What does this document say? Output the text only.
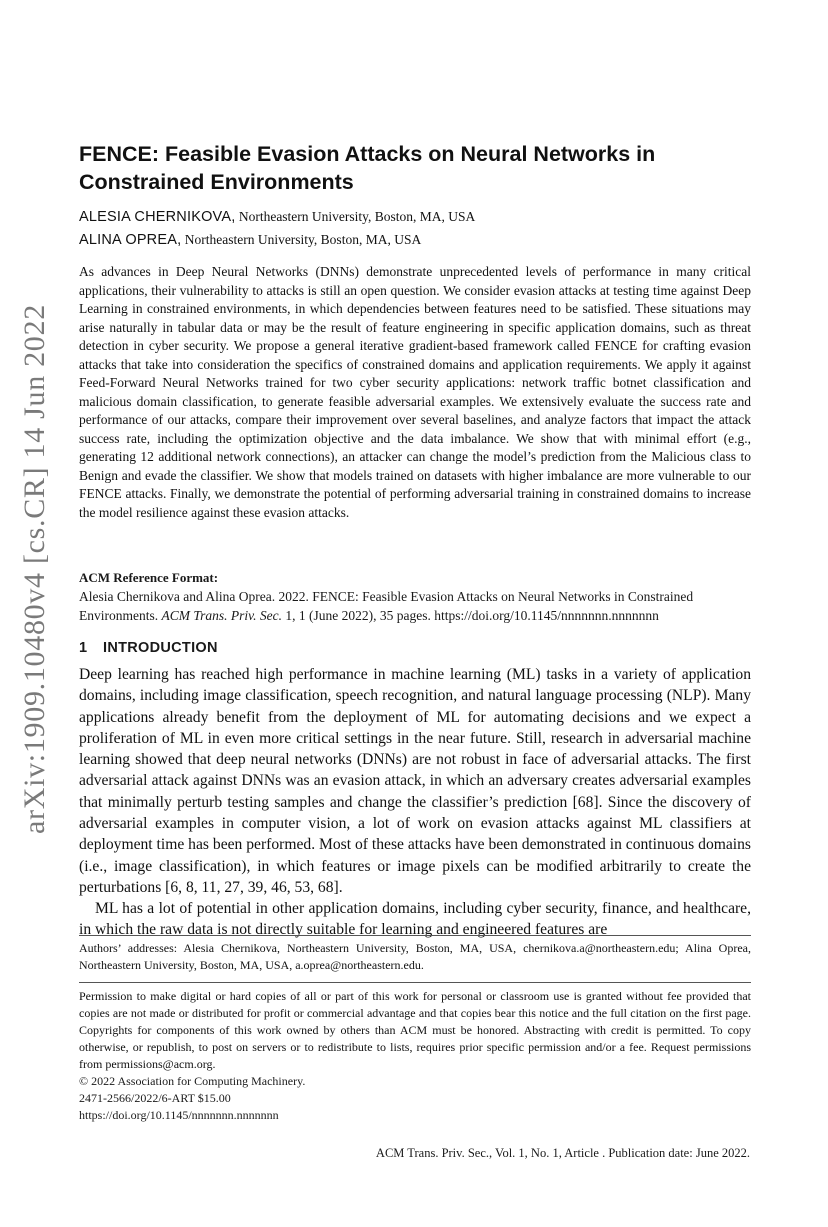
arXiv:1909.10480v4 [cs.CR] 14 Jun 2022
FENCE: Feasible Evasion Attacks on Neural Networks in Constrained Environments
ALESIA CHERNIKOVA, Northeastern University, Boston, MA, USA
ALINA OPREA, Northeastern University, Boston, MA, USA

As advances in Deep Neural Networks (DNNs) demonstrate unprecedented levels of performance in many critical applications, their vulnerability to attacks is still an open question. We consider evasion attacks at testing time against Deep Learning in constrained environments, in which dependencies between features need to be satisfied. These situations may arise naturally in tabular data or may be the result of feature engineering in specific application domains, such as threat detection in cyber security. We propose a general iterative gradient-based framework called FENCE for crafting evasion attacks that take into consideration the specifics of constrained domains and application requirements. We apply it against Feed-Forward Neural Networks trained for two cyber security applications: network traffic botnet classification and malicious domain classification, to generate feasible adversarial examples. We extensively evaluate the success rate and performance of our attacks, compare their improvement over several baselines, and analyze factors that impact the attack success rate, including the optimization objective and the data imbalance. We show that with minimal effort (e.g., generating 12 additional network connections), an attacker can change the model’s prediction from the Malicious class to Benign and evade the classifier. We show that models trained on datasets with higher imbalance are more vulnerable to our FENCE attacks. Finally, we demonstrate the potential of performing adversarial training in constrained domains to increase the model resilience against these evasion attacks.

ACM Reference Format:

Alesia Chernikova and Alina Oprea. 2022. FENCE: Feasible Evasion Attacks on Neural Networks in Constrained Environments. ACM Trans. Priv. Sec. 1, 1 (June 2022), 35 pages. https://doi.org/10.1145/nnnnnnn.nnnnnnn

1 INTRODUCTION

Deep learning has reached high performance in machine learning (ML) tasks in a variety of application domains, including image classification, speech recognition, and natural language processing (NLP). Many applications already benefit from the deployment of ML for automating decisions and we expect a proliferation of ML in even more critical settings in the near future. Still, research in adversarial machine learning showed that deep neural networks (DNNs) are not robust in face of adversarial attacks. The first adversarial attack against DNNs was an evasion attack, in which an adversary creates adversarial examples that minimally perturb testing samples and change the classifier’s prediction [68]. Since the discovery of adversarial examples in computer vision, a lot of work on evasion attacks against ML classifiers at deployment time has been performed. Most of these attacks have been demonstrated in continuous domains (i.e., image classification), in which features or image pixels can be modified arbitrarily to create the perturbations [6, 8, 11, 27, 39, 46, 53, 68].

ML has a lot of potential in other application domains, including cyber security, finance, and healthcare, in which the raw data is not directly suitable for learning and engineered features are

Authors’ addresses: Alesia Chernikova, Northeastern University, Boston, MA, USA, chernikova.a@northeastern.edu; Alina Oprea, Northeastern University, Boston, MA, USA, a.oprea@northeastern.edu.

Permission to make digital or hard copies of all or part of this work for personal or classroom use is granted without fee provided that copies are not made or distributed for profit or commercial advantage and that copies bear this notice and the full citation on the first page. Copyrights for components of this work owned by others than ACM must be honored. Abstracting with credit is permitted. To copy otherwise, or republish, to post on servers or to redistribute to lists, requires prior specific permission and/or a fee. Request permissions from permissions@acm.org.

© 2022 Association for Computing Machinery.
2471-2566/2022/6-ART $15.00
https://doi.org/10.1145/nnnnnnn.nnnnnnn
ACM Trans. Priv. Sec., Vol. 1, No. 1, Article . Publication date: June 2022.
